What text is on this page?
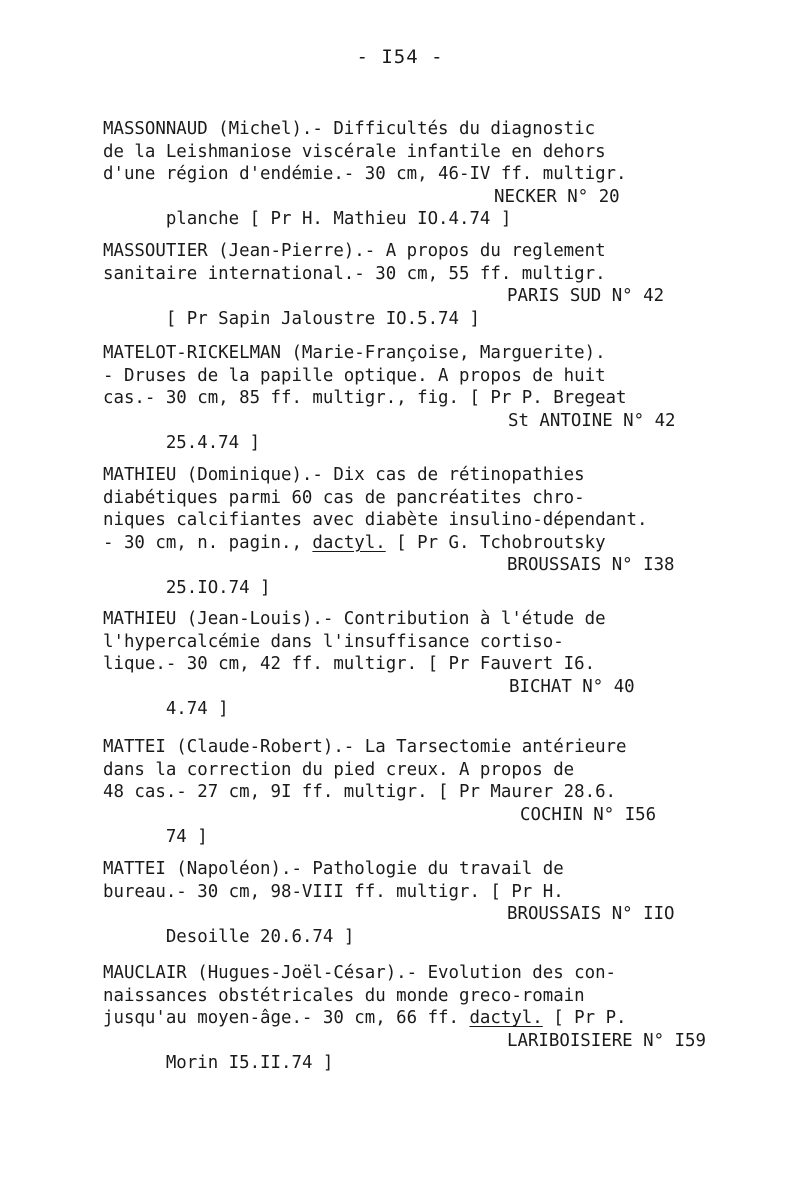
- I54 -
MASSONNAUD (Michel).- Difficultés du diagnostic
de la Leishmaniose viscérale infantile en dehors
d'une région d'endémie.- 30 cm, 46-IV ff. multigr.

planche [ Pr H. Mathieu IO.4.74 ]

NECKER N° 20

MASSOUTIER (Jean-Pierre).- A propos du reglement
sanitaire international.- 30 cm, 55 ff. multigr.

[ Pr Sapin Jaloustre IO.5.74 ]

PARIS SUD N° 42

MATELOT-RICKELMAN (Marie-Françoise, Marguerite).
- Druses de la papille optique. A propos de huit
cas.- 30 cm, 85 ff. multigr., fig. [ Pr P. Bregeat

25.4.74 ]

St ANTOINE N° 42

MATHIEU (Dominique).- Dix cas de rétinopathies
diabétiques parmi 60 cas de pancréatites chro-
niques calcifiantes avec diabète insulino-dépendant.
- 30 cm, n. pagin., dactyl. [ Pr G. Tchobroutsky

25.IO.74 ]

BROUSSAIS N° I38

MATHIEU (Jean-Louis).- Contribution à l'étude de
l'hypercalcémie dans l'insuffisance cortiso-
lique.- 30 cm, 42 ff. multigr. [ Pr Fauvert I6.

4.74 ]

BICHAT N° 40

MATTEI (Claude-Robert).- La Tarsectomie antérieure
dans la correction du pied creux. A propos de
48 cas.- 27 cm, 9I ff. multigr. [ Pr Maurer 28.6.

74 ]

COCHIN N° I56

MATTEI (Napoléon).- Pathologie du travail de
bureau.- 30 cm, 98-VIII ff. multigr. [ Pr H.

Desoille 20.6.74 ]

BROUSSAIS N° IIO

MAUCLAIR (Hugues-Joël-César).- Evolution des con-
naissances obstétricales du monde greco-romain
jusqu'au moyen-âge.- 30 cm, 66 ff. dactyl. [ Pr P.

Morin I5.II.74 ]

LARIBOISIERE N° I59
